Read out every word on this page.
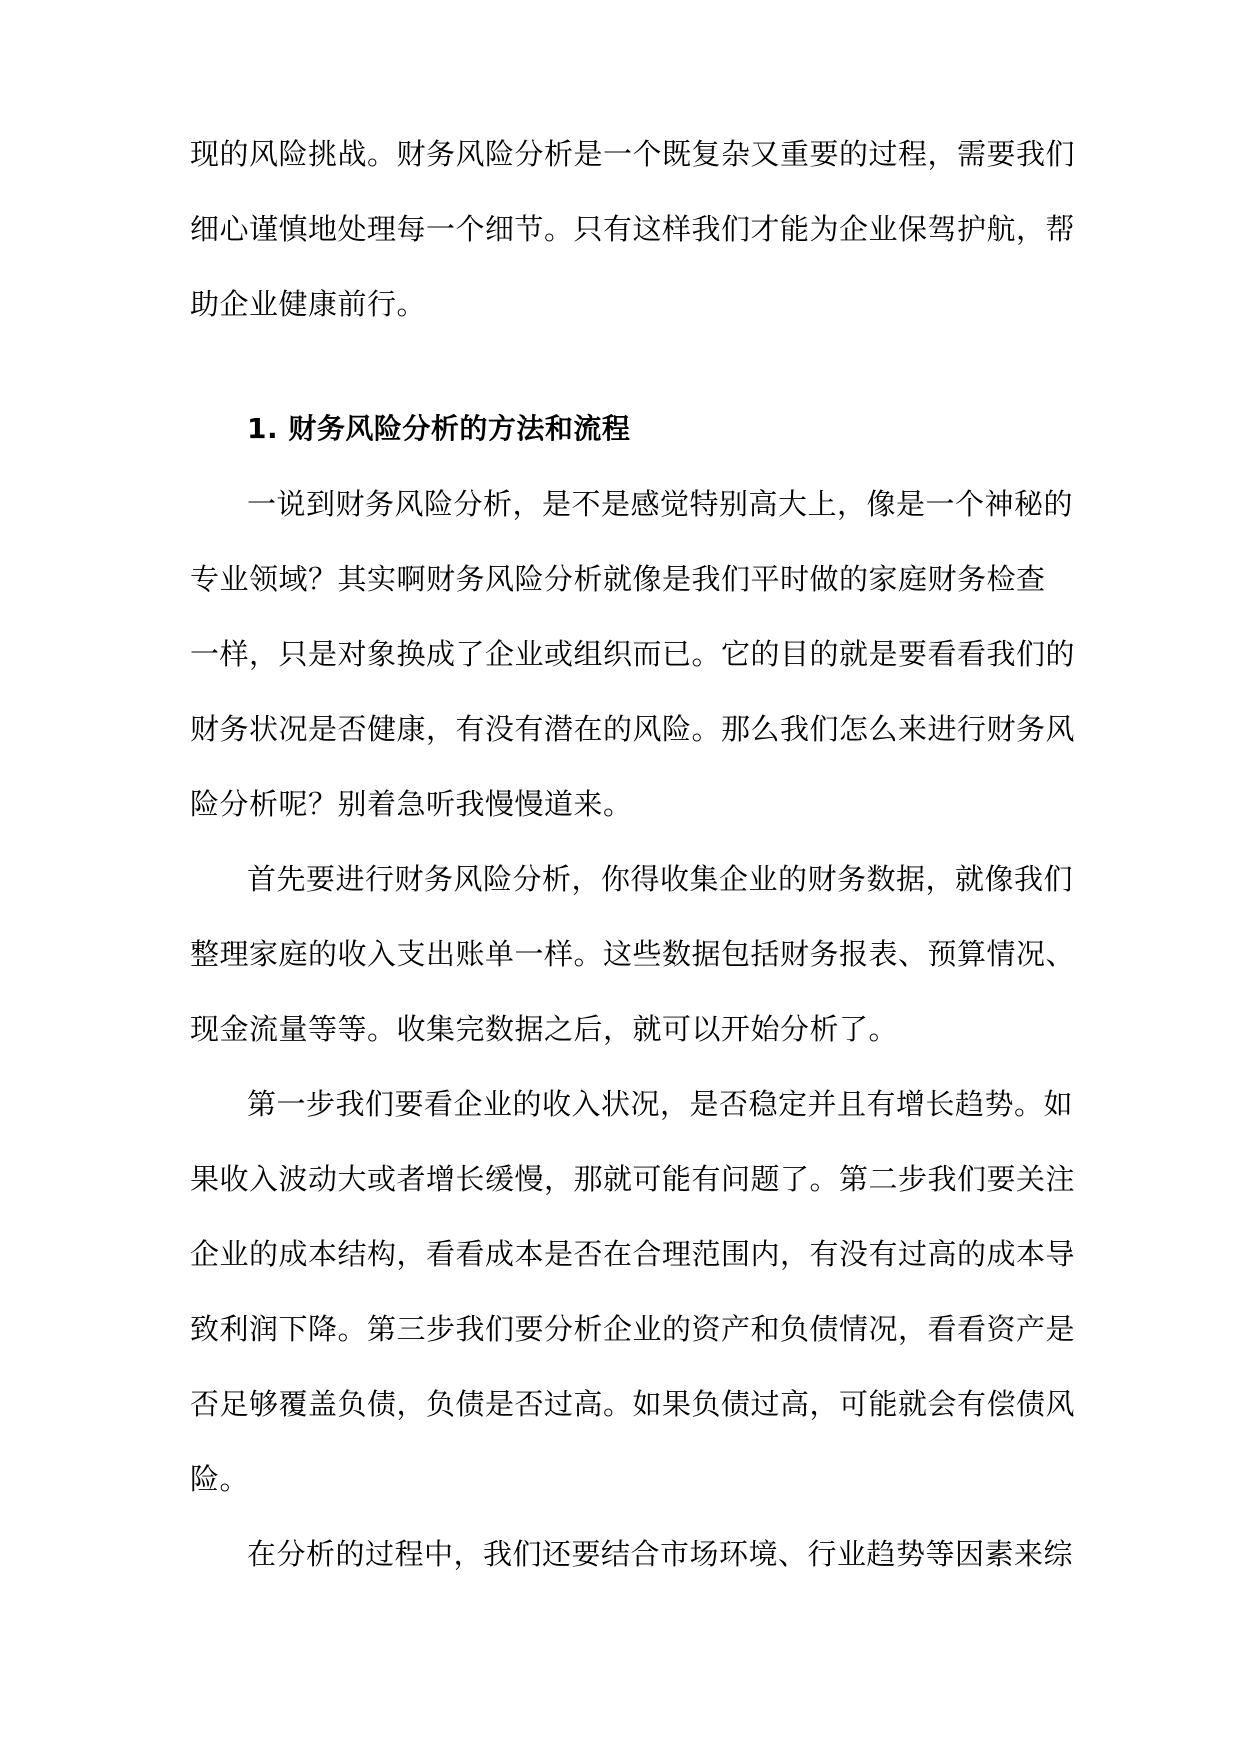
现的风险挑战。财务风险分析是一个既复杂又重要的过程，需要我们
细心谨慎地处理每一个细节。只有这样我们才能为企业保驾护航，帮
助企业健康前行。
1. 财务风险分析的方法和流程
一说到财务风险分析，是不是感觉特别高大上，像是一个神秘的
专业领域？其实啊财务风险分析就像是我们平时做的家庭财务检查
一样，只是对象换成了企业或组织而已。它的目的就是要看看我们的
财务状况是否健康，有没有潜在的风险。那么我们怎么来进行财务风
险分析呢？别着急听我慢慢道来。
首先要进行财务风险分析，你得收集企业的财务数据，就像我们
整理家庭的收入支出账单一样。这些数据包括财务报表、预算情况、
现金流量等等。收集完数据之后，就可以开始分析了。
第一步我们要看企业的收入状况，是否稳定并且有增长趋势。如
果收入波动大或者增长缓慢，那就可能有问题了。第二步我们要关注
企业的成本结构，看看成本是否在合理范围内，有没有过高的成本导
致利润下降。第三步我们要分析企业的资产和负债情况，看看资产是
否足够覆盖负债，负债是否过高。如果负债过高，可能就会有偿债风
险。
在分析的过程中，我们还要结合市场环境、行业趋势等因素来综
